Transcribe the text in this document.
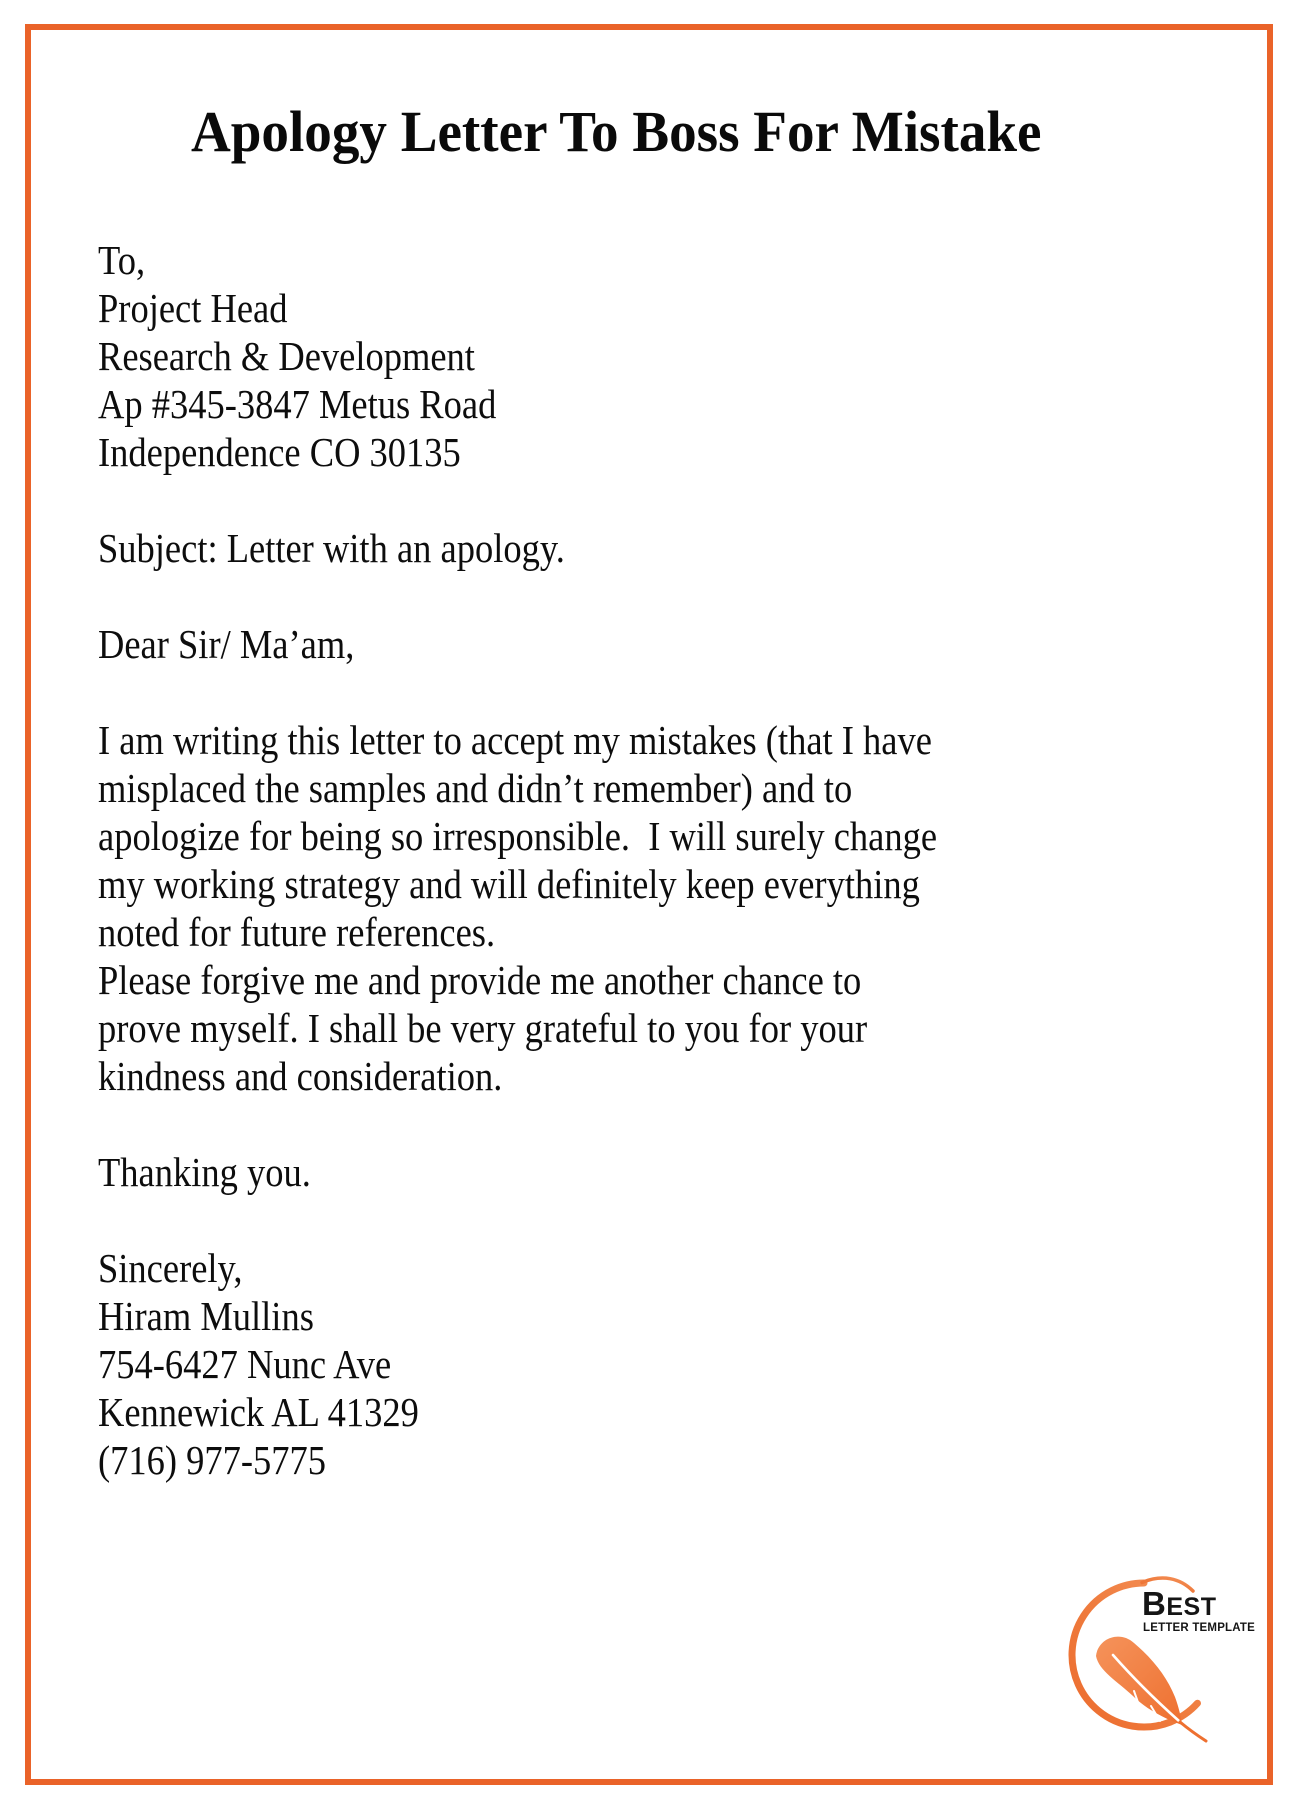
Apology Letter To Boss For Mistake
To,
Project Head
Research & Development
Ap #345-3847 Metus Road
Independence CO 30135
Subject: Letter with an apology.
Dear Sir/ Ma’am,
I am writing this letter to accept my mistakes (that I have
misplaced the samples and didn’t remember) and to
apologize for being so irresponsible.  I will surely change
my working strategy and will definitely keep everything
noted for future references.
Please forgive me and provide me another chance to
prove myself. I shall be very grateful to you for your
kindness and consideration.
Thanking you.
Sincerely,
Hiram Mullins
754-6427 Nunc Ave
Kennewick AL 41329
(716) 977-5775
BEST
LETTER TEMPLATE
